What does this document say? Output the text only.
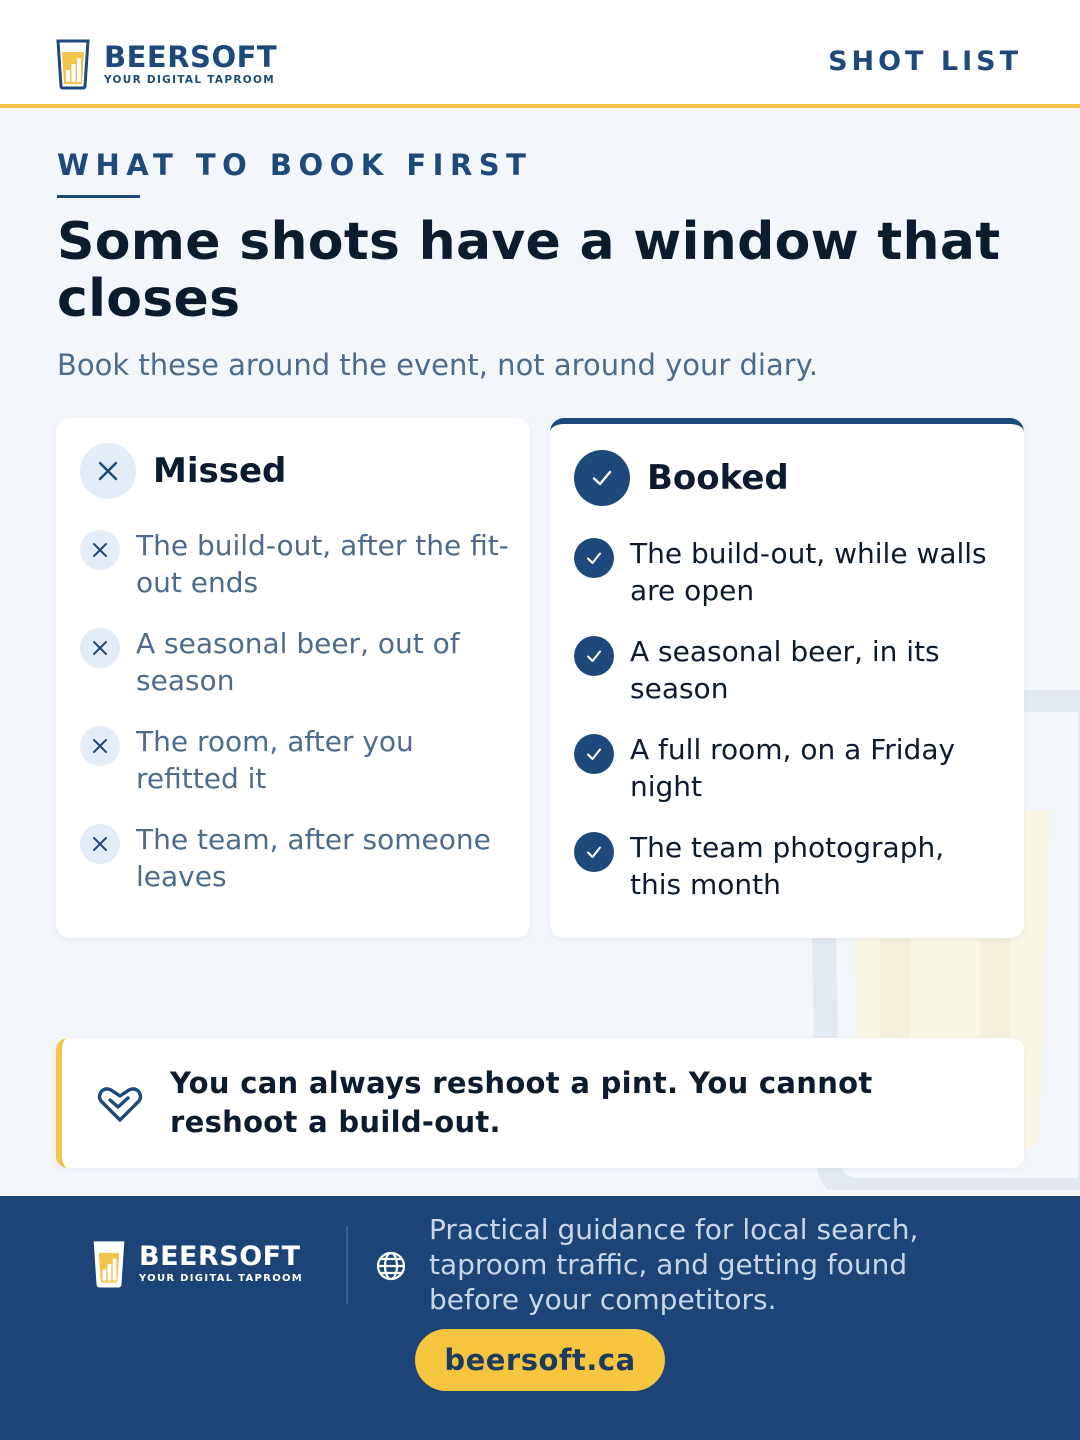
BEERSOFT
YOUR DIGITAL TAPROOM
SHOT LIST
WHAT TO BOOK FIRST
Some shots have a window that closes
Book these around the event, not around your diary.
Missed
The build-out, after the fit-out ends
A seasonal beer, out of season
The room, after you refitted it
The team, after someone leaves
Booked
The build-out, while walls are open
A seasonal beer, in its season
A full room, on a Friday night
The team photograph, this month
You can always reshoot a pint. You cannot reshoot a build-out.
BEERSOFT
YOUR DIGITAL TAPROOM
Practical guidance for local search, taproom traffic, and getting found before your competitors.
beersoft.ca
